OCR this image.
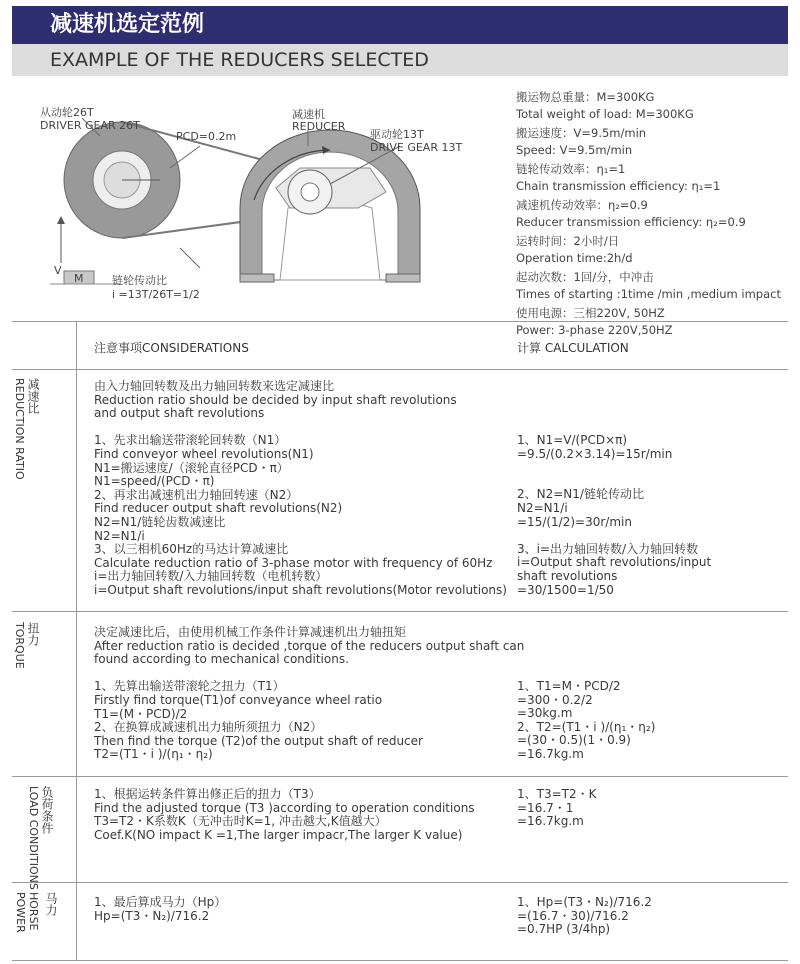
减速机选定范例
EXAMPLE OF THE REDUCERS SELECTED
从动轮26T
DRIVER GEAR 26T
PCD=0.2m
减速机
REDUCER
驱动轮13T
DRIVE GEAR 13T
V
M	链轮传动比
i =13T/26T=1/2
搬运物总重量：M=300KG
Total weight of load: M=300KG
搬运速度：V=9.5m/min
Speed: V=9.5m/min
链轮传动效率：η₁=1
Chain transmission efficiency: η₁=1
减速机传动效率：η₂=0.9
Reducer transmission efficiency: η₂=0.9
运转时间：2小时/日
Operation time:2h/d
起动次数：1回/分，中冲击
Times of starting :1time /min ,medium impact
使用电源：三相220V, 50HZ
Power: 3-phase 220V,50HZ
注意事项CONSIDERATIONS	计算 CALCULATION
减速比
REDUCTION RATIO
扭力
TORQUE
负荷条件
LOAD CONDITIONS
马力
HORSE POWER
由入力轴回转数及出力轴回转数来选定减速比
Reduction ratio should be decided by input shaft revolutions
and output shaft revolutions

1、先求出输送带滚轮回转数（N1）
Find conveyor wheel revolutions(N1)
N1=搬运速度/（滚轮直径PCD・π）
N1=speed/(PCD・π)
2、再求出减速机出力轴回转速（N2）
Find reducer output shaft revolutions(N2)
N2=N1/链轮齿数减速比
N2=N1/i
3、以三相机60Hz的马达计算减速比
Calculate reduction ratio of 3-phase motor with frequency of 60Hz
i=出力轴回转数/入力轴回转数（电机转数）
i=Output shaft revolutions/input shaft revolutions(Motor revolutions)
1、N1=V/(PCD×π)
=9.5/(0.2×3.14)=15r/min

2、N2=N1/链轮传动比
N2=N1/i
=15/(1/2)=30r/min

3、i=出力轴回转数/入力轴回转数
i=Output shaft revolutions/input
shaft revolutions
=30/1500=1/50
决定减速比后，由使用机械工作条件计算减速机出力轴扭矩
After reduction ratio is decided ,torque of the reducers output shaft can
found according to mechanical conditions.

1、先算出输送带滚轮之扭力（T1）
Firstly find torque(T1)of conveyance wheel ratio
T1=(M・PCD)/2
2、在换算成减速机出力轴所须扭力（N2）
Then find the torque (T2)of the output shaft of reducer
T2=(T1・i )/(η₁・η₂)
1、T1=M・PCD/2
=300・0.2/2
=30kg.m
2、T2=(T1・i )/(η₁・η₂)
=(30・0.5)(1・0.9)
=16.7kg.m
1、根据运转条件算出修正后的扭力（T3）
Find the adjusted torque (T3 )according to operation conditions
T3=T2・K系数K（无冲击时K=1, 冲击越大,K值越大）
Coef.K(NO impact K =1,The larger impacr,The larger K value)
1、T3=T2・K
=16.7・1
=16.7kg.m
1、最后算成马力（Hp）
Hp=(T3・N₂)/716.2
1、Hp=(T3・N₂)/716.2
=(16.7・30)/716.2
=0.7HP (3/4hp)
